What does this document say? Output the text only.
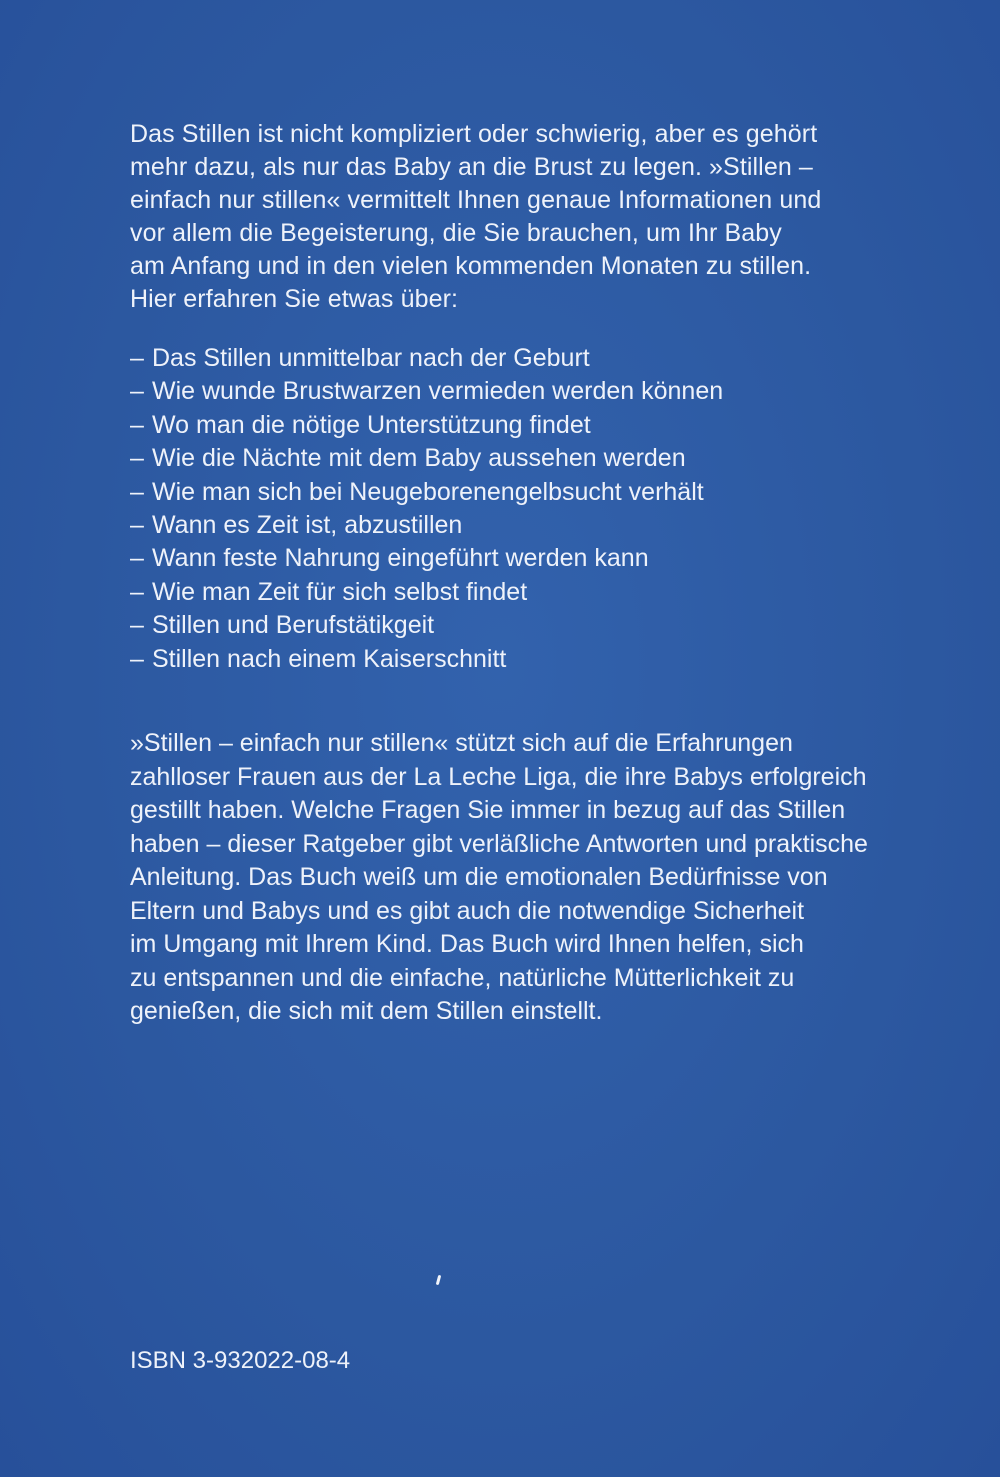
Das Stillen ist nicht kompliziert oder schwierig, aber es gehört
mehr dazu, als nur das Baby an die Brust zu legen. »Stillen –
einfach nur stillen« vermittelt Ihnen genaue Informationen und
vor allem die Begeisterung, die Sie brauchen, um Ihr Baby
am Anfang und in den vielen kommenden Monaten zu stillen.
Hier erfahren Sie etwas über:
– Das Stillen unmittelbar nach der Geburt
– Wie wunde Brustwarzen vermieden werden können
– Wo man die nötige Unterstützung findet
– Wie die Nächte mit dem Baby aussehen werden
– Wie man sich bei Neugeborenengelbsucht verhält
– Wann es Zeit ist, abzustillen
– Wann feste Nahrung eingeführt werden kann
– Wie man Zeit für sich selbst findet
– Stillen und Berufstätikgeit
– Stillen nach einem Kaiserschnitt
»Stillen – einfach nur stillen« stützt sich auf die Erfahrungen
zahlloser Frauen aus der La Leche Liga, die ihre Babys erfolgreich
gestillt haben. Welche Fragen Sie immer in bezug auf das Stillen
haben – dieser Ratgeber gibt verläßliche Antworten und praktische
Anleitung. Das Buch weiß um die emotionalen Bedürfnisse von
Eltern und Babys und es gibt auch die notwendige Sicherheit
im Umgang mit Ihrem Kind. Das Buch wird Ihnen helfen, sich
zu entspannen und die einfache, natürliche Mütterlichkeit zu
genießen, die sich mit dem Stillen einstellt.
ISBN 3-932022-08-4
